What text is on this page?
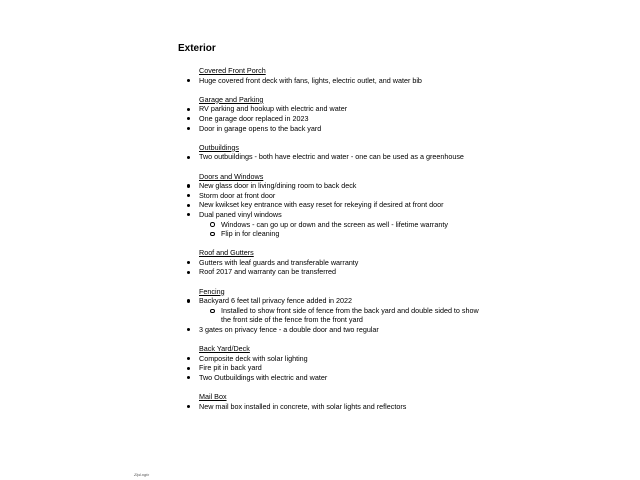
Exterior
Covered Front Porch
Huge covered front deck with fans, lights, electric outlet, and water bib
Garage and Parking
RV parking and hookup with electric and water
One garage door replaced in 2023
Door in garage opens to the back yard
Outbuildings
Two outbuildings - both have electric and water - one can be used as a greenhouse
Doors and Windows
New glass door in living/dining room to back deck
Storm door at front door
New kwikset key entrance with easy reset for rekeying if desired at front door
Dual paned vinyl windows
Windows - can go up or down and the screen as well - lifetime warranty
Flip in for cleaning
Roof and Gutters
Gutters with leaf guards and transferable warranty
Roof 2017 and warranty can be transferred
Fencing
Backyard 6 feet tall privacy fence added in 2022
Installed to show front side of fence from the back yard and double sided to show the front side of the fence from the front yard
3 gates on privacy fence - a double door and two regular
Back Yard/Deck
Composite deck with solar lighting
Fire pit in back yard
Two Outbuildings with electric and water
Mail Box
New mail box installed in concrete, with solar lights and reflectors
ZipLogix
